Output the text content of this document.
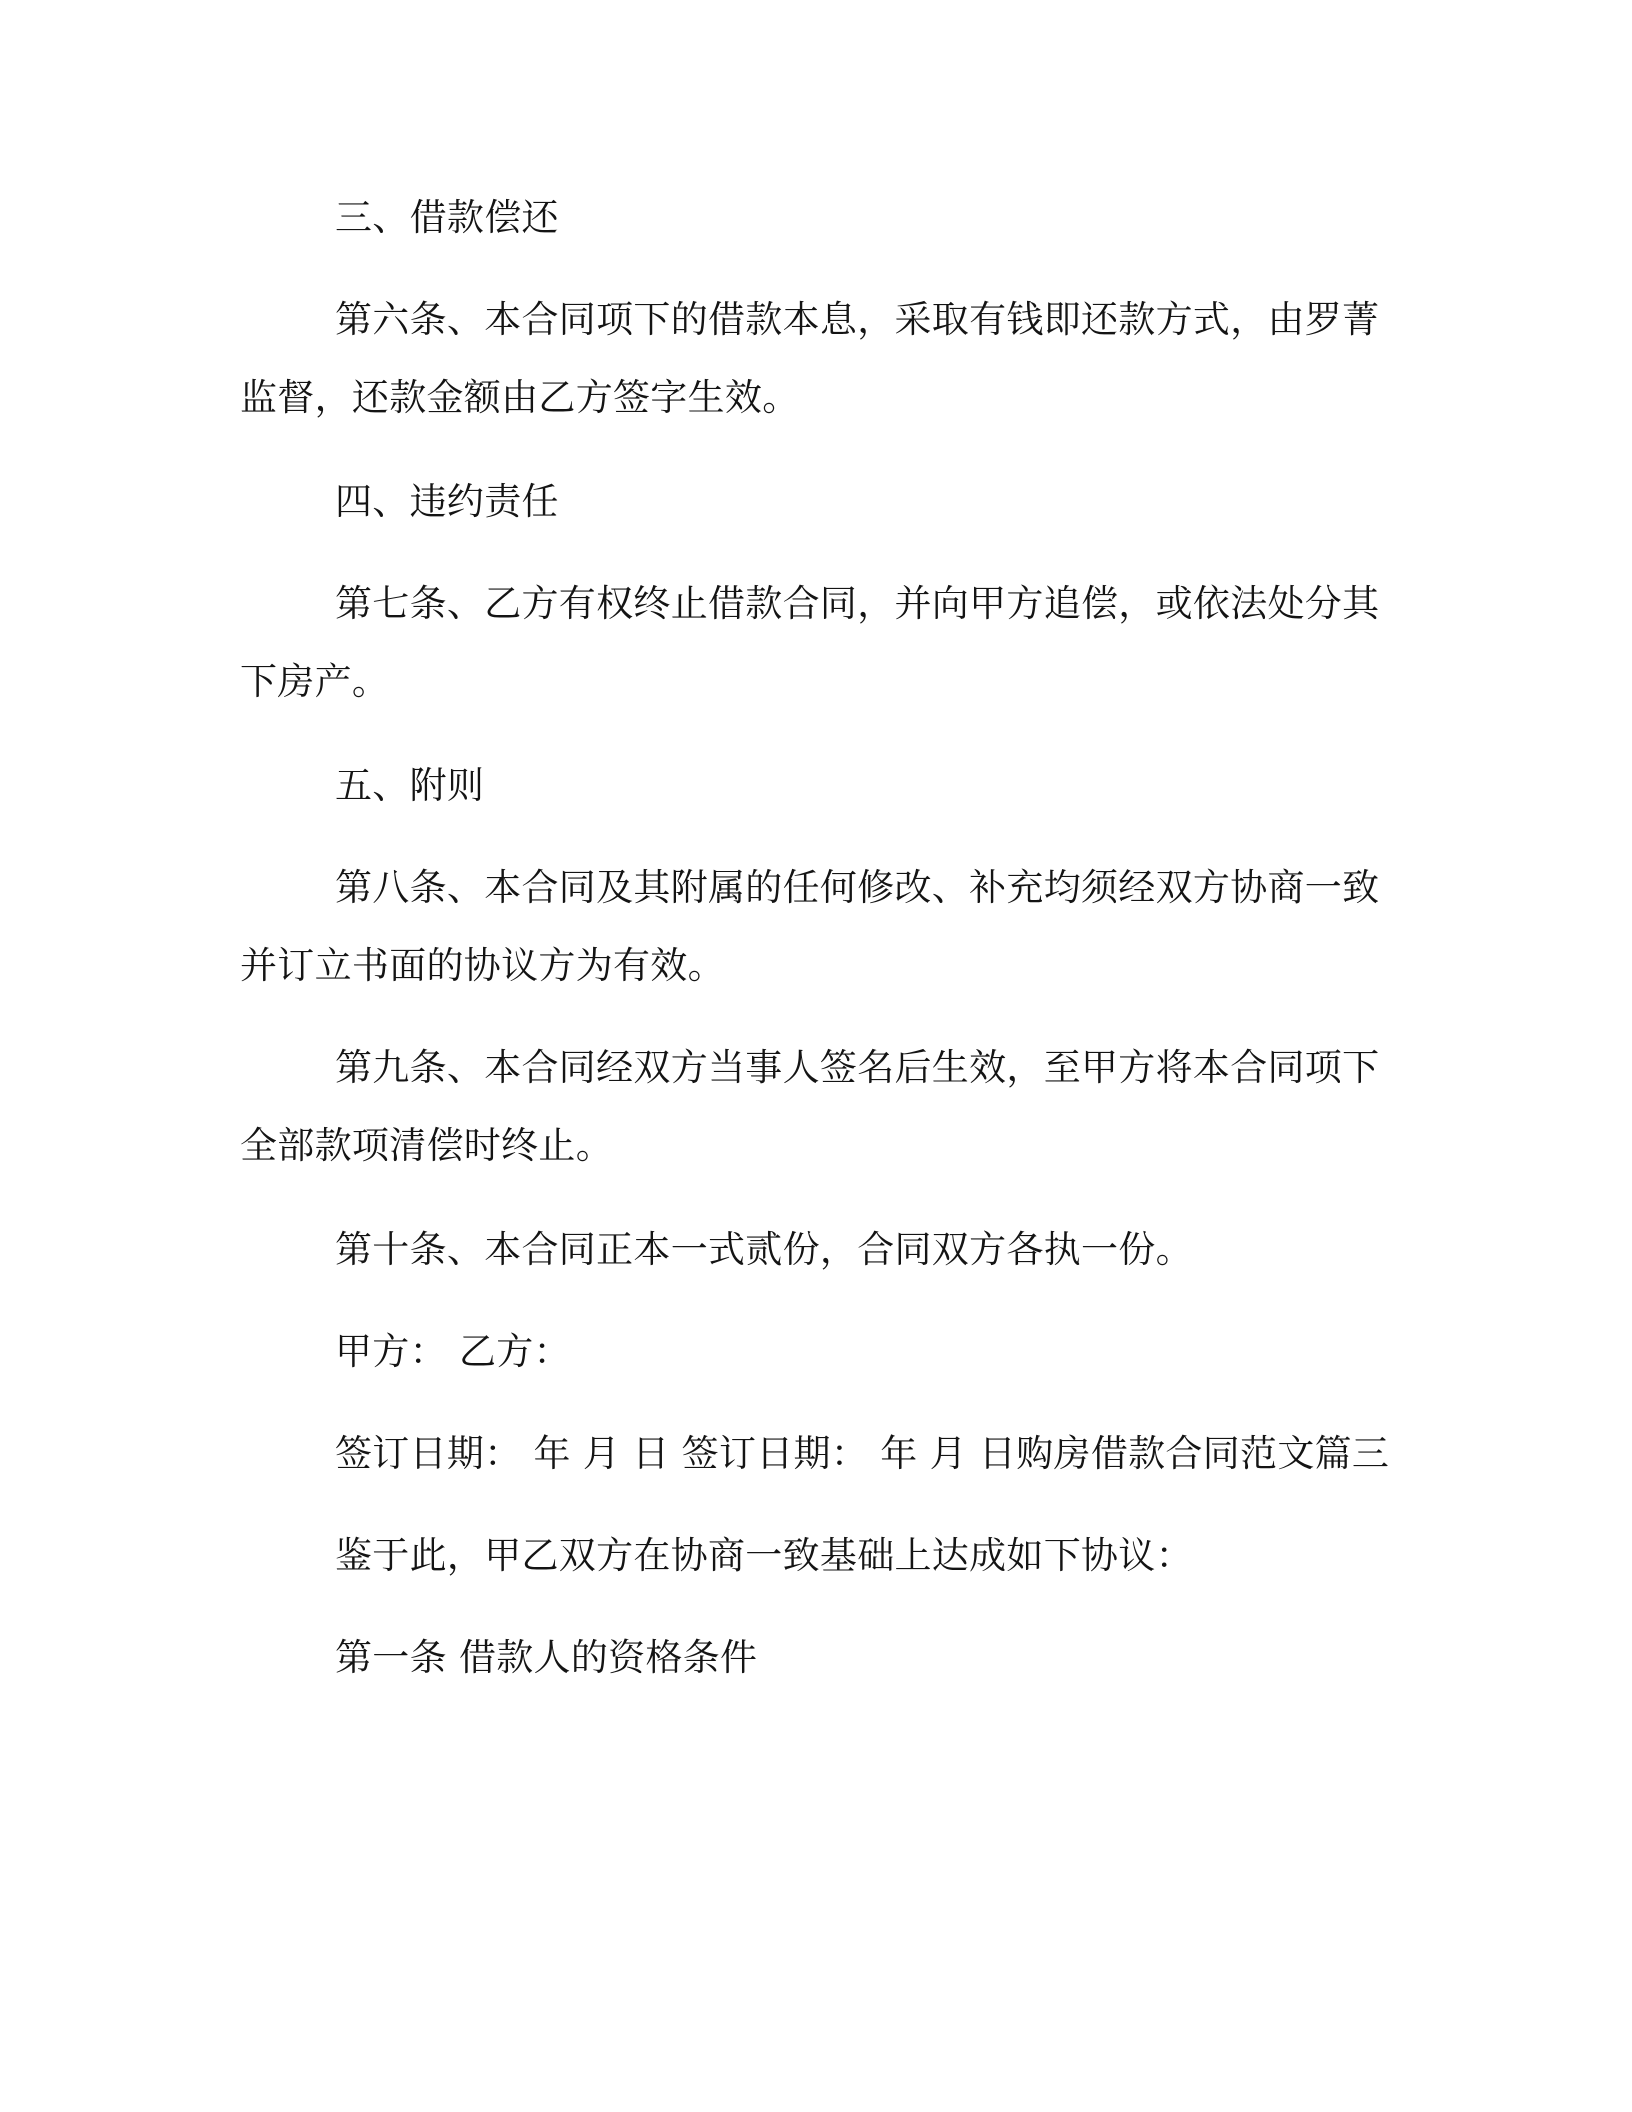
三、借款偿还
第六条、本合同项下的借款本息，采取有钱即还款方式，由罗菁
监督，还款金额由乙方签字生效。
四、违约责任
第七条、乙方有权终止借款合同，并向甲方追偿，或依法处分其
下房产。
五、附则
第八条、本合同及其附属的任何修改、补充均须经双方协商一致
并订立书面的协议方为有效。
第九条、本合同经双方当事人签名后生效，至甲方将本合同项下
全部款项清偿时终止。
第十条、本合同正本一式贰份，合同双方各执一份。
甲方： 乙方：
签订日期： 年 月 日 签订日期： 年 月 日购房借款合同范文篇三
鉴于此，甲乙双方在协商一致基础上达成如下协议：
第一条 借款人的资格条件
